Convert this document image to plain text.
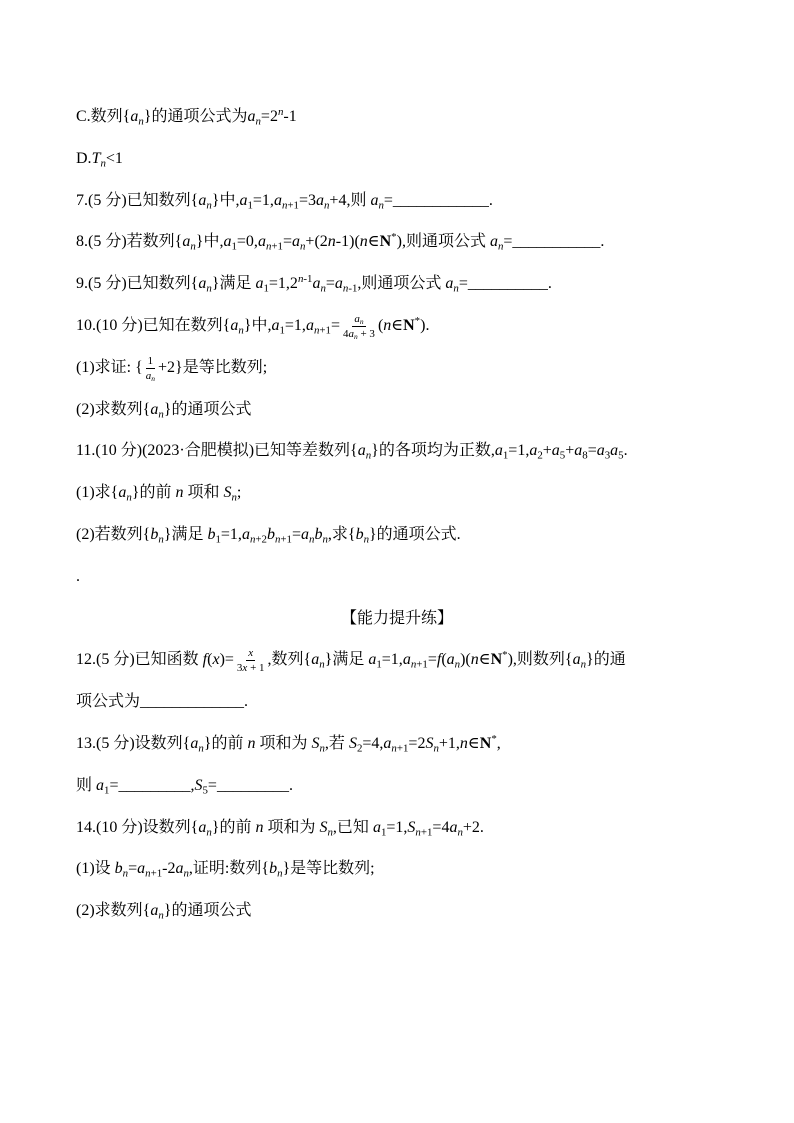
C.数列$\{a_n\}$的通项公式为$a_n=2^n-1$
$D.T_n<1$
7.(5 分)已知数列$\{a_n\}$中$,a_1=1,a_{n+1}=3a_n+4$,则 $a_n=\_\_\_\_\_\_\_\_\_\_\_\_$.
8.(5 分)若数列$\{a_n\}$中$,a_1=0,a_{n+1}=a_n+(2n-1)(n\in N^*)$,则通项公式 $a_n=\_\_\_\_\_\_\_\_\_\_\_$.
9.(5 分)已知数列$\{a_n\}$满足 $a_1=1,2^{n-1}a_n=a_{n-1}$,则通项公式 $a_n=\_\_\_\_\_\_\_\_\_\_$.
10.(10 分)已知在数列$\{a_n\}$中$,a_1=1,a_{n+1}= \frac{a_n}{4a_n + 3}$ (n∈N*).
(1)求证: { $\frac{1}{a_n} +2$}是等比数列;
(2)求数列$\{a_n\}$的通项公式
11.(10 分)(2023·合肥模拟)已知等差数列$\{a_n\}$的各项均为正数$,a_1=1,a_2+a_5+a_8=a_3a_5$.
(1)求$\{a_n\}$的前 n 项和 $S_n$;
(2)若数列$\{b_n\}$满足 $b_1=1,a_{n+2}b_{n+1}=a_nb_n$,求$\{b_n\}$的通项公式.
.
【能力提升练】
12.(5 分)已知函数 $f(x)= \frac{x}{3x + 1}$ ,数列$\{a_n\}$满足 $a_1=1,a_{n+1}=f(a_n)(n\in N^*)$,则数列$\{a_n\}$的通
项公式为_____________.
13.(5 分)设数列$\{a_n\}$的前 n 项和为 $S_n$,若 $S_2=4,a_{n+1}=2S_n+1,n\in N^*$,
则 $a_1=\_\_\_\_\_\_\_\_\_,S_5=\_\_\_\_\_\_\_\_\_$.
14.(10 分)设数列$\{a_n\}$的前 n 项和为 $S_n$,已知 $a_1=1,S_{n+1}=4a_n+2$.
(1)设 $b_n=a_{n+1}-2a_n$,证明:数列$\{b_n\}$是等比数列;
(2)求数列$\{a_n\}$的通项公式
